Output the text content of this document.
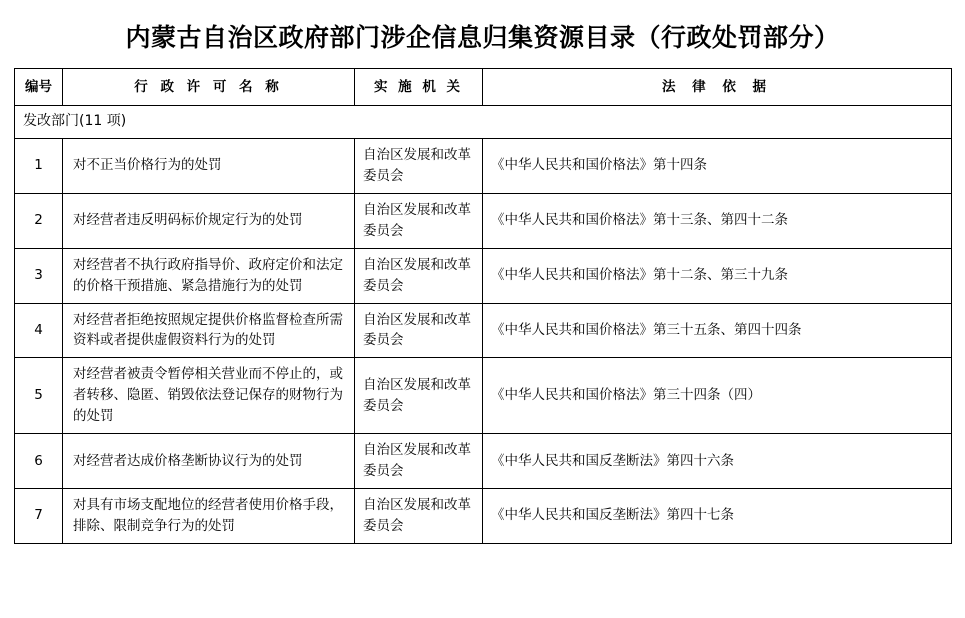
内蒙古自治区政府部门涉企信息归集资源目录（行政处罚部分）
编号	行 政 许 可 名 称	实 施 机 关	法 律 依 据
发改部门(11 项)			
1	对不正当价格行为的处罚	自治区发展和改革委员会	《中华人民共和国价格法》第十四条
2	对经营者违反明码标价规定行为的处罚	自治区发展和改革委员会	《中华人民共和国价格法》第十三条、第四十二条
3	对经营者不执行政府指导价、政府定价和法定的价格干预措施、紧急措施行为的处罚	自治区发展和改革委员会	《中华人民共和国价格法》第十二条、第三十九条
4	对经营者拒绝按照规定提供价格监督检查所需资料或者提供虚假资料行为的处罚	自治区发展和改革委员会	《中华人民共和国价格法》第三十五条、第四十四条
5	对经营者被责令暂停相关营业而不停止的，或者转移、隐匿、销毁依法登记保存的财物行为的处罚	自治区发展和改革委员会	《中华人民共和国价格法》第三十四条（四）
6	对经营者达成价格垄断协议行为的处罚	自治区发展和改革委员会	《中华人民共和国反垄断法》第四十六条
7	对具有市场支配地位的经营者使用价格手段，排除、限制竞争行为的处罚	自治区发展和改革委员会	《中华人民共和国反垄断法》第四十七条
